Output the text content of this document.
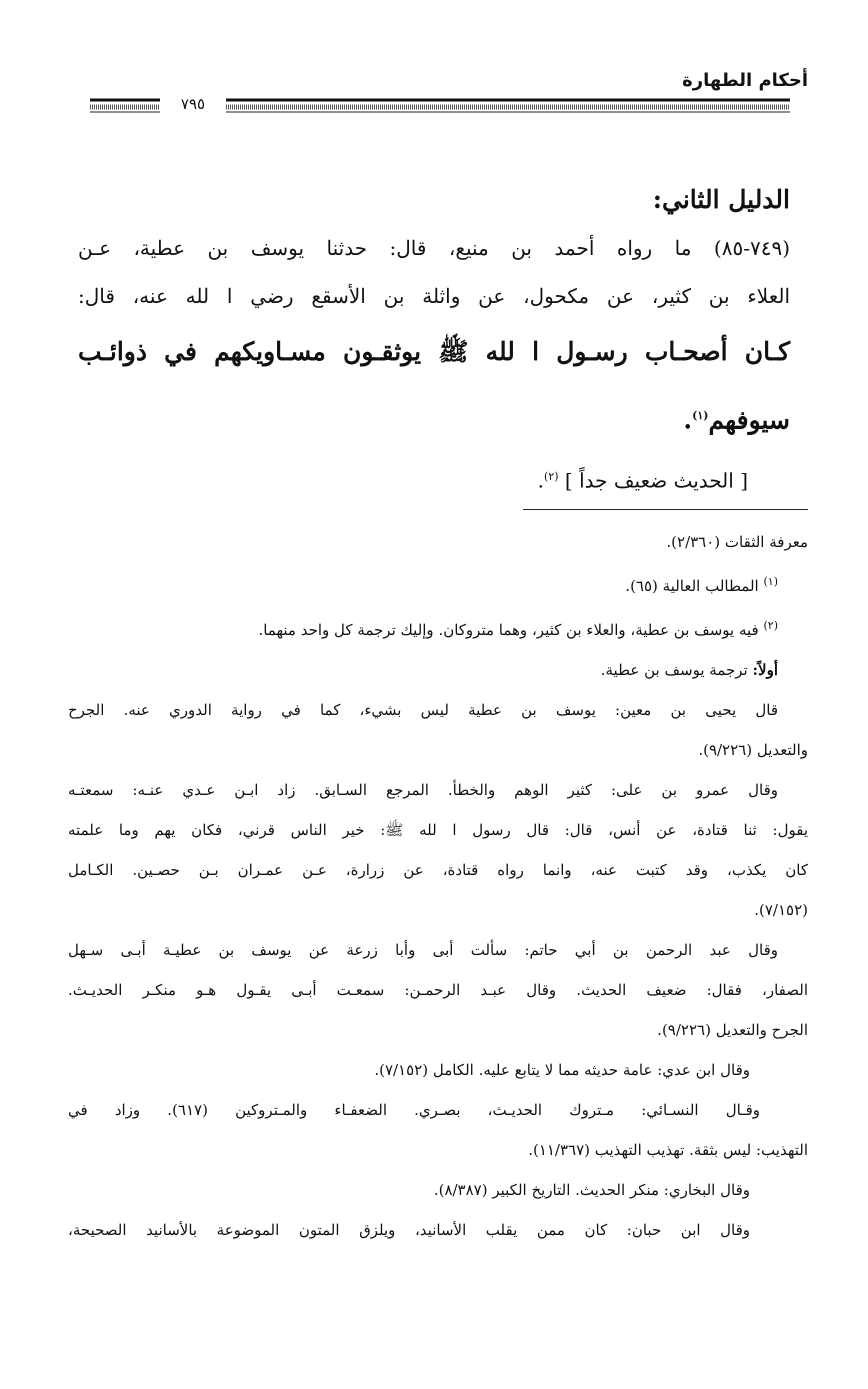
أحكام الطهارة
٧٩٥

الدليل الثاني:

(٧٤٩-٨٥) ما رواه أحمد بن منيع، قال: حدثنا يوسف بن عطية، عـن

العلاء بن كثير، عن مكحول، عن واثلة بن الأسقع رضي ا لله عنه، قال:

كـان أصحـاب رسـول ا لله ﷺ يوثقـون مسـاويكهم في ذوائـب

سيوفهم$^{(١)}$.

[ الحديث ضعيف جداً ] $^{(٢)}$.

معرفة الثقات (٢/٣٦٠).

$^{(١)}$ المطالب العالية (٦٥).

$^{(٢)}$ فيه يوسف بن عطية، والعلاء بن كثير، وهما متروكان. وإليك ترجمة كل واحد منهما.

أولاً: ترجمة يوسف بن عطية.

قال يحيى بن معين: يوسف بن عطية ليس بشيء، كما في رواية الدوري عنه. الجرح

والتعديل (٩/٢٢٦).

وقال عمرو بن على: كثير الوهم والخطأ. المرجع السـابق. زاد ابـن عـدي عنـه: سمعتـه

يقول: ثنا قتادة، عن أنس، قال: قال رسول ا لله ﷺ: خير الناس قرني، فكان يهم وما علمته

كان يكذب، وقد كتبت عنه، وانما رواه قتادة، عن زرارة، عـن عمـران بـن حصـين. الكـامل

(٧/١٥٢).

وقال عبد الرحمن بن أبي حاتم: سألت أبى وأبا زرعة عن يوسف بن عطيـة أبـى سـهل

الصفار، فقال: ضعيف الحديث. وقال عبـد الرحمـن: سمعـت أبـى يقـول هـو منكـر الحديـث.

الجرح والتعديل (٩/٢٢٦).

وقال ابن عدي: عامة حديثه مما لا يتابع عليه. الكامل (٧/١٥٢).

وقـال النسـائي: مـتروك الحديـث، بصـري. الضعفـاء والمـتروكين (٦١٧). وزاد في

التهذيب: ليس بثقة. تهذيب التهذيب (١١/٣٦٧).

وقال البخاري: منكر الحديث. التاريخ الكبير (٨/٣٨٧).

وقال ابن حبان: كان ممن يقلب الأسانيد، ويلزق المتون الموضوعة بالأسانيد الصحيحة،
